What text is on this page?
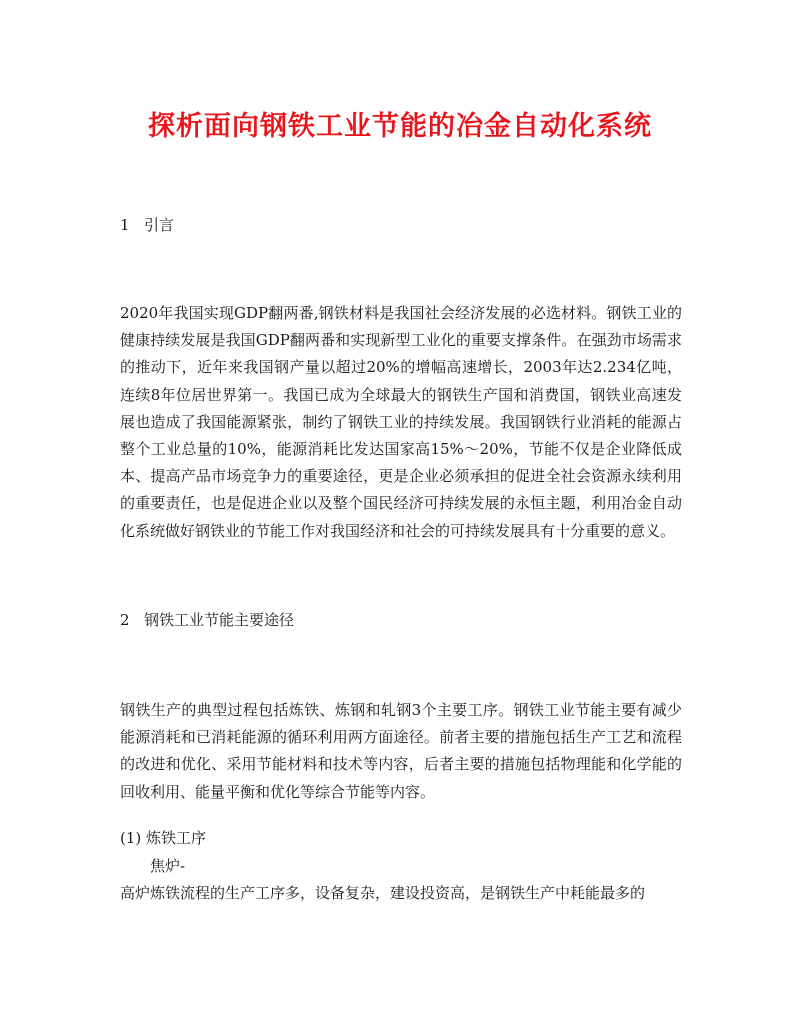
探析面向钢铁工业节能的冶金自动化系统
1 引言

2020年我国实现GDP翻两番,钢铁材料是我国社会经济发展的必选材料。钢铁工业的健康持续发展是我国GDP翻两番和实现新型工业化的重要支撑条件。在强劲市场需求的推动下，近年来我国钢产量以超过20%的增幅高速增长，2003年达2.234亿吨，连续8年位居世界第一。我国已成为全球最大的钢铁生产国和消费国，钢铁业高速发展也造成了我国能源紧张，制约了钢铁工业的持续发展。我国钢铁行业消耗的能源占整个工业总量的10%，能源消耗比发达国家高15%～20%，节能不仅是企业降低成本、提高产品市场竞争力的重要途径，更是企业必须承担的促进全社会资源永续利用的重要责任，也是促进企业以及整个国民经济可持续发展的永恒主题，利用冶金自动化系统做好钢铁业的节能工作对我国经济和社会的可持续发展具有十分重要的意义。

2 钢铁工业节能主要途径

钢铁生产的典型过程包括炼铁、炼钢和轧钢3个主要工序。钢铁工业节能主要有减少能源消耗和已消耗能源的循环利用两方面途径。前者主要的措施包括生产工艺和流程的改进和优化、采用节能材料和技术等内容，后者主要的措施包括物理能和化学能的回收利用、能量平衡和优化等综合节能等内容。

(1) 炼铁工序
焦炉-
高炉炼铁流程的生产工序多，设备复杂，建设投资高，是钢铁生产中耗能最多的
